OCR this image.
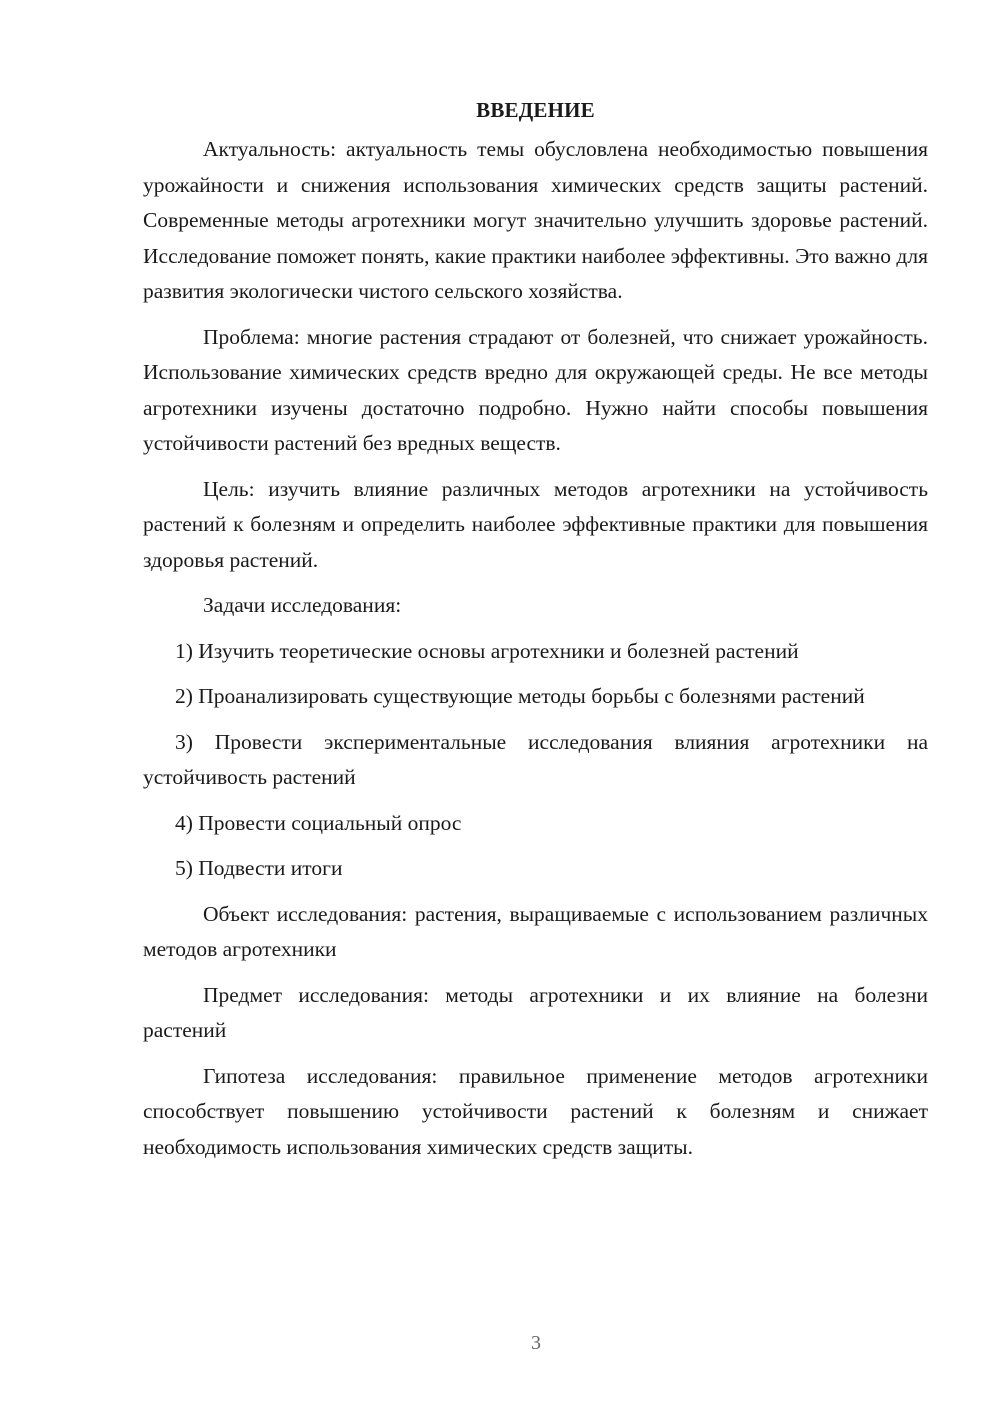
ВВЕДЕНИЕ

Актуальность: актуальность темы обусловлена необходимостью повышения урожайности и снижения использования химических средств защиты растений. Современные методы агротехники могут значительно улучшить здоровье растений. Исследование поможет понять, какие практики наиболее эффективны. Это важно для развития экологически чистого сельского хозяйства.

Проблема: многие растения страдают от болезней, что снижает урожайность. Использование химических средств вредно для окружающей среды. Не все методы агротехники изучены достаточно подробно. Нужно найти способы повышения устойчивости растений без вредных веществ.

Цель: изучить влияние различных методов агротехники на устойчивость растений к болезням и определить наиболее эффективные практики для повышения здоровья растений.

Задачи исследования:

1) Изучить теоретические основы агротехники и болезней растений

2) Проанализировать существующие методы борьбы с болезнями растений

3) Провести экспериментальные исследования влияния агротехники на устойчивость растений

4) Провести социальный опрос

5) Подвести итоги

Объект исследования: растения, выращиваемые с использованием различных методов агротехники

Предмет исследования: методы агротехники и их влияние на болезни растений

Гипотеза исследования: правильное применение методов агротехники способствует повышению устойчивости растений к болезням и снижает необходимость использования химических средств защиты.

3
